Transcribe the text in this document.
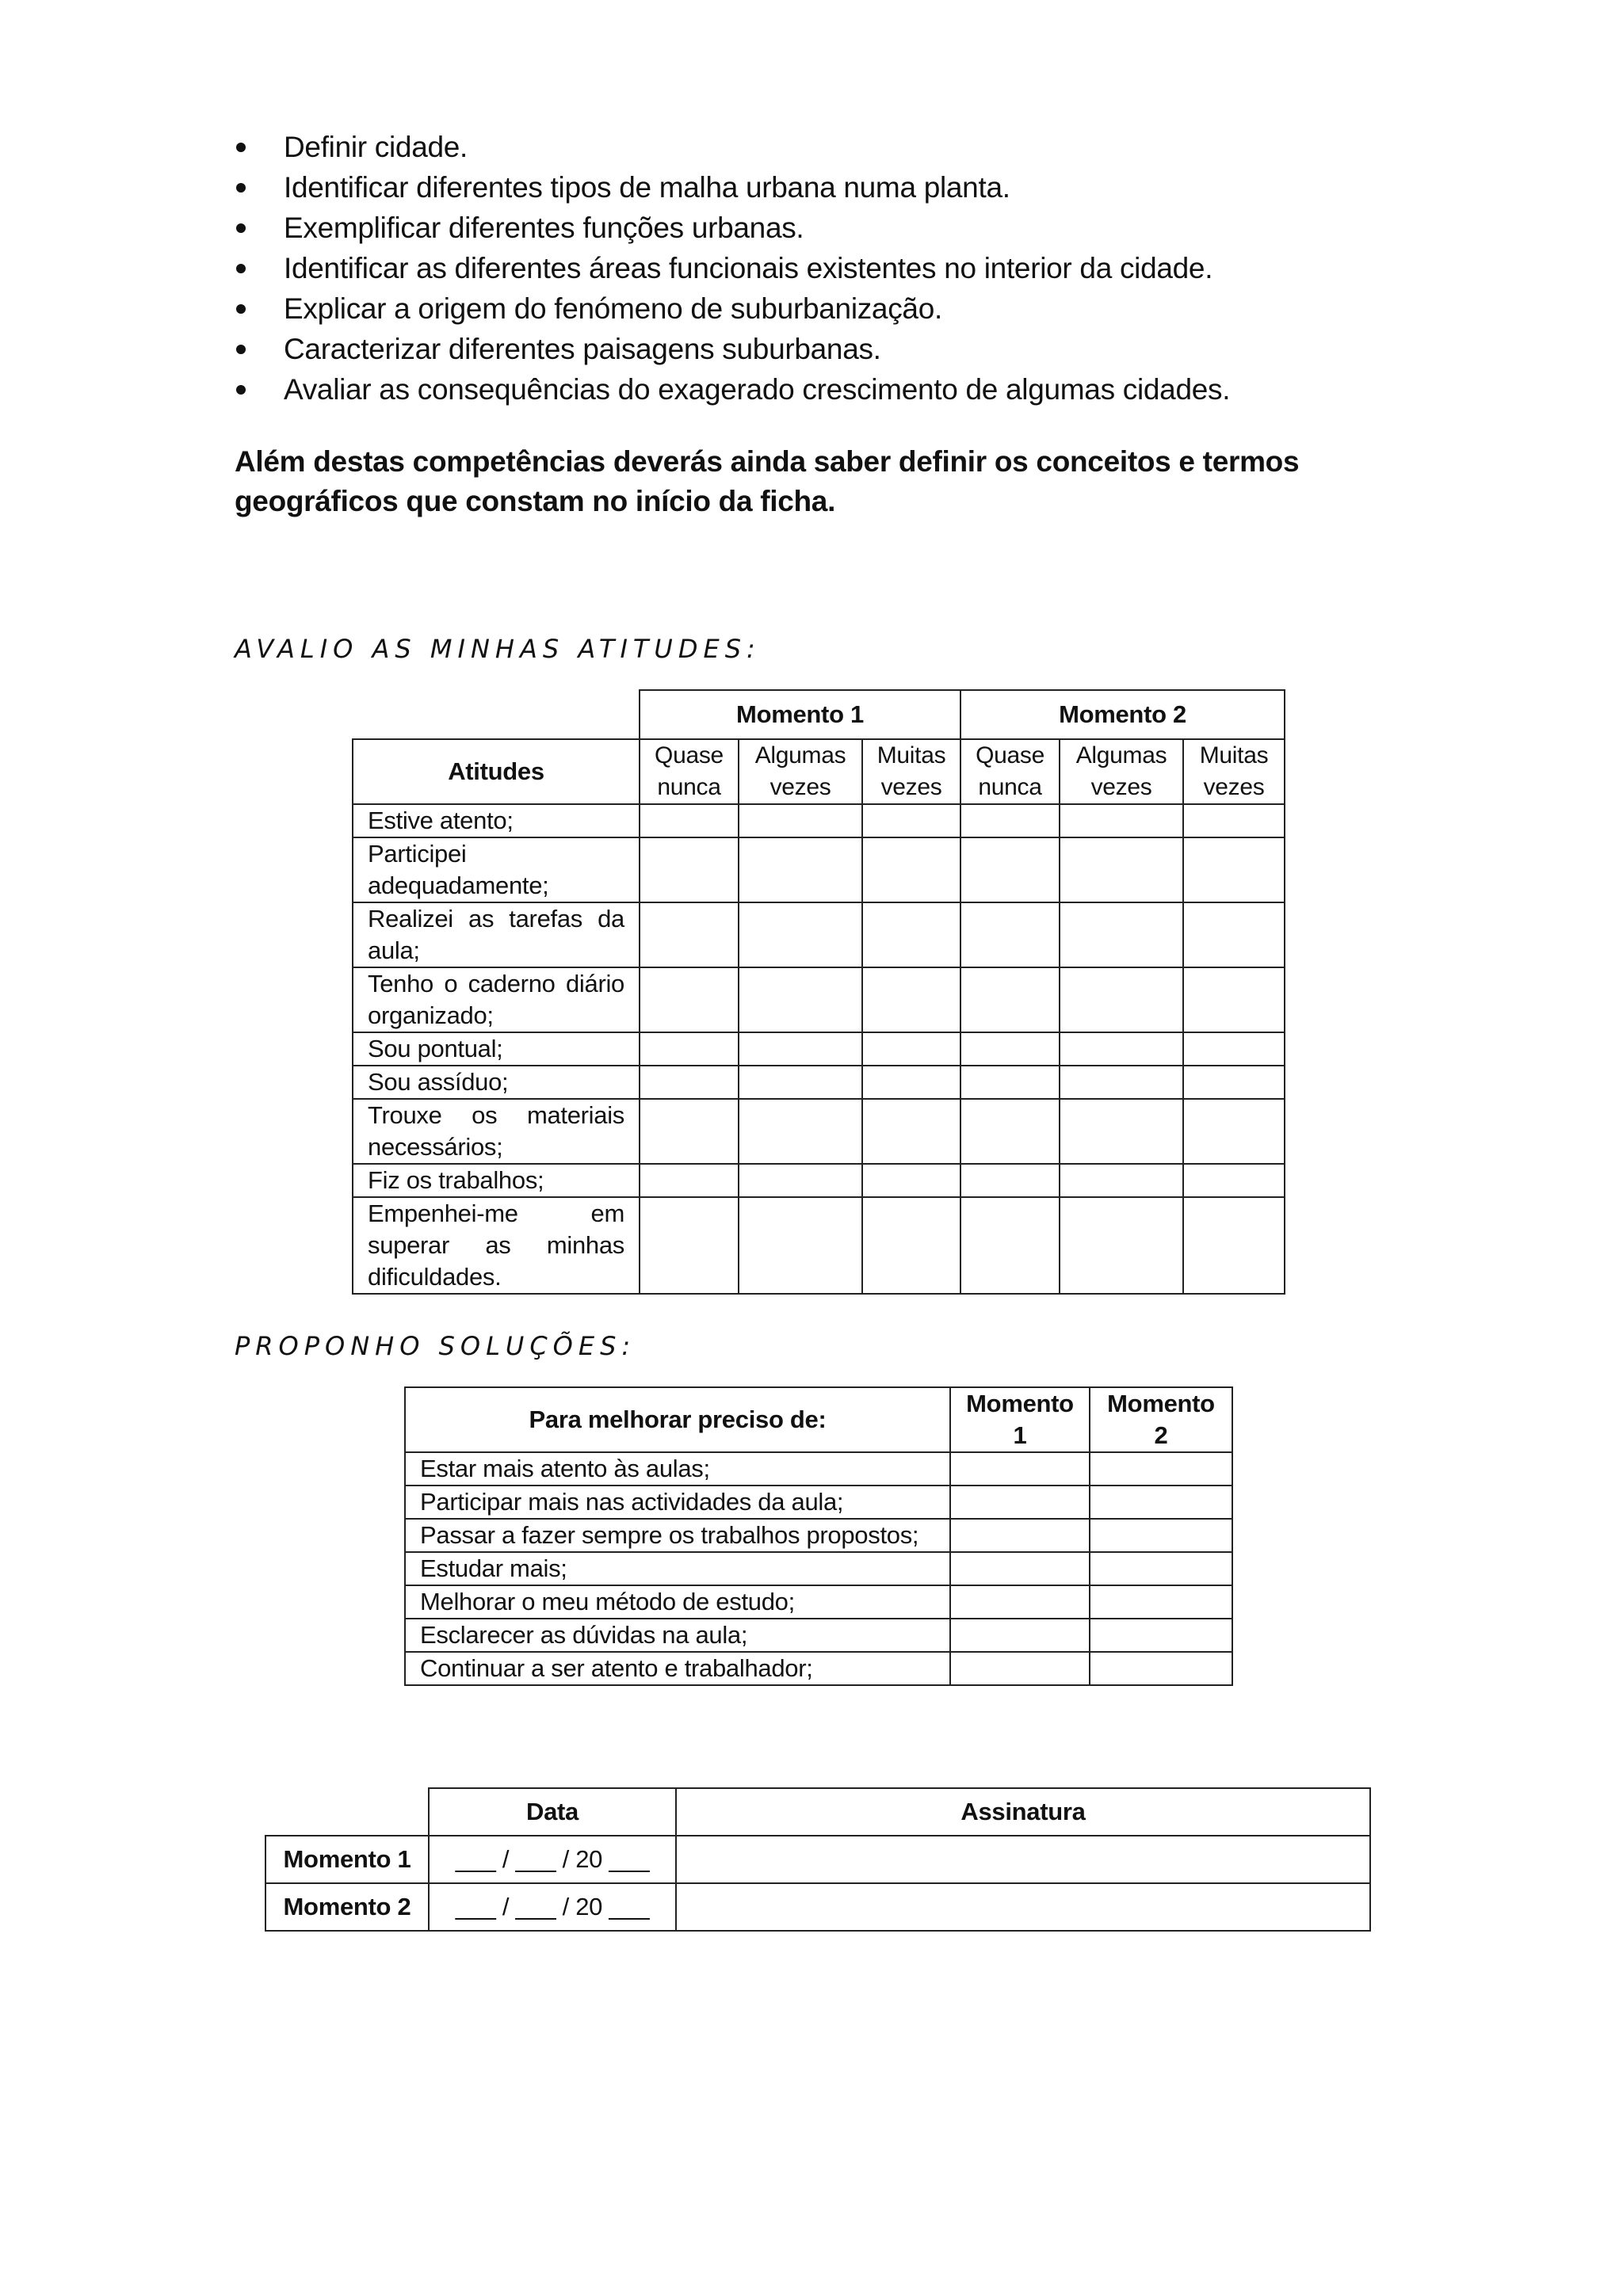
Definir cidade.
Identificar diferentes tipos de malha urbana numa planta.
Exemplificar diferentes funções urbanas.
Identificar as diferentes áreas funcionais existentes no interior da cidade.
Explicar a origem do fenómeno de suburbanização.
Caracterizar diferentes paisagens suburbanas.
Avaliar as consequências do exagerado crescimento de algumas cidades.
Além destas competências deverás ainda saber definir os conceitos e termos geográficos que constam no início da ficha.
AVALIO AS MINHAS ATITUDES:
	Momento 1			Momento 2		
Atitudes	Quase nunca	Algumas vezes	Muitas vezes	Quase nunca	Algumas vezes	Muitas vezes
Estive atento;						
Participei adequadamente;						
Realizei as tarefas da aula;						
Tenho o caderno diário organizado;						
Sou pontual;						
Sou assíduo;						
Trouxe os materiais necessários;						
Fiz os trabalhos;						
Empenhei-me em superar as minhas dificuldades.						
PROPONHO SOLUÇÕES:
Para melhorar preciso de:	Momento 1	Momento 2
Estar mais atento às aulas;		
Participar mais nas actividades da aula;		
Passar a fazer sempre os trabalhos propostos;		
Estudar mais;		
Melhorar o meu método de estudo;		
Esclarecer as dúvidas na aula;		
Continuar a ser atento e trabalhador;		
	Data	Assinatura
Momento 1	___ / ___ / 20 ___	
Momento 2	___ / ___ / 20 ___	
